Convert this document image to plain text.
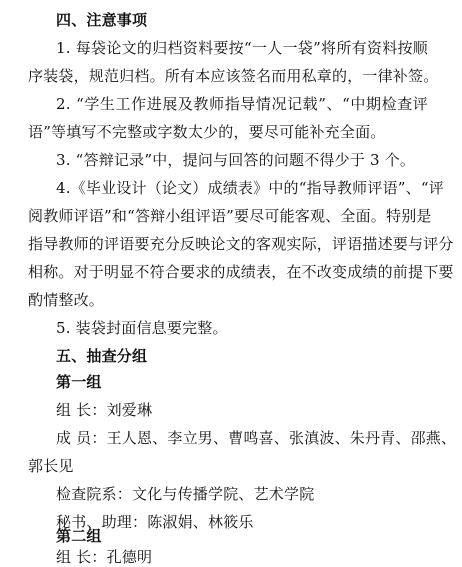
四、注意事项
1. 每袋论文的归档资料要按“一人一袋”将所有资料按顺
序装袋，规范归档。所有本应该签名而用私章的，一律补签。
2. “学生工作进展及教师指导情况记载”、“中期检查评
语”等填写不完整或字数太少的，要尽可能补充全面。
3. “答辩记录”中，提问与回答的问题不得少于 3 个。
4.《毕业设计（论文）成绩表》中的“指导教师评语”、“评
阅教师评语”和“答辩小组评语”要尽可能客观、全面。特别是
指导教师的评语要充分反映论文的客观实际，评语描述要与评分
相称。对于明显不符合要求的成绩表，在不改变成绩的前提下要
酌情整改。
5. 装袋封面信息要完整。
五、抽查分组
第一组
组 长：刘爱琳
成 员：王人恩、李立男、曹鸣喜、张滇波、朱丹青、邵燕、
郭长见
检查院系：文化与传播学院、艺术学院
秘书、助理：陈淑娟、林筱乐
第二组
组 长：孔德明
